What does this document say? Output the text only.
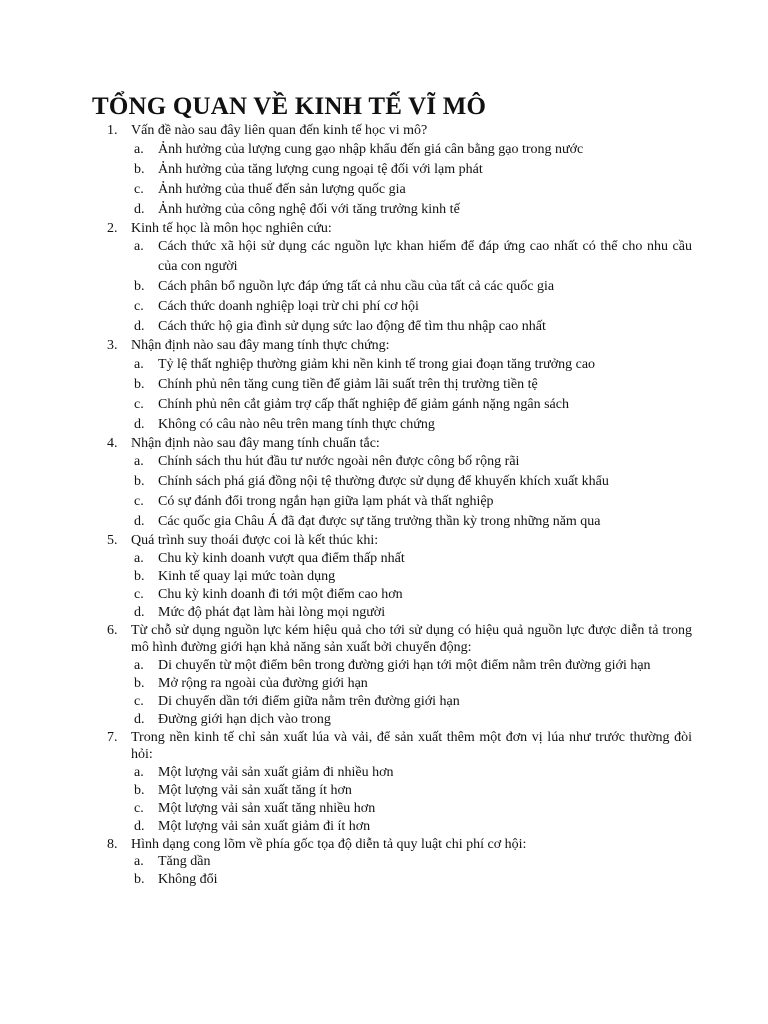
TỔNG QUAN VỀ KINH TẾ VĨ MÔ
1. Vấn đề nào sau đây liên quan đến kinh tế học vi mô?
a.	Ảnh hưởng của lượng cung gạo nhập khẩu đến giá cân bằng gạo trong nước
b. Ảnh hưởng của tăng lượng cung ngoại tệ đối với lạm phát
c.	Ảnh hưởng của thuế đến sản lượng quốc gia
d. Ảnh hưởng của công nghệ đối với tăng trưởng kinh tế
2. Kinh tế học là môn học nghiên cứu:
a.	Cách thức xã hội sử dụng các nguồn lực khan hiếm để đáp ứng cao nhất có thể cho nhu cầu của con người
b. Cách phân bổ nguồn lực đáp ứng tất cả nhu cầu của tất cả các quốc gia
c.	Cách thức doanh nghiệp loại trừ chi phí cơ hội
d. Cách thức hộ gia đình sử dụng sức lao động để tìm thu nhập cao nhất
3. Nhận định nào sau đây mang tính thực chứng:
a.	Tỷ lệ thất nghiệp thường giảm khi nền kinh tế trong giai đoạn tăng trưởng cao
b. Chính phủ nên tăng cung tiền để giảm lãi suất trên thị trường tiền tệ
c.	Chính phủ nên cắt giảm trợ cấp thất nghiệp để giảm gánh nặng ngân sách
d. Không có câu nào nêu trên mang tính thực chứng
4. Nhận định nào sau đây mang tính chuẩn tắc:
a.	Chính sách thu hút đầu tư nước ngoài nên được công bố rộng rãi
b. Chính sách phá giá đồng nội tệ thường được sử dụng để khuyến khích xuất khẩu
c.	Có sự đánh đổi trong ngắn hạn giữa lạm phát và thất nghiệp
d. Các quốc gia Châu Á đã đạt được sự tăng trưởng thần kỳ trong những năm qua
5. Quá trình suy thoái được coi là kết thúc khi:
a.	Chu kỳ kinh doanh vượt qua điểm thấp nhất
b. Kinh tế quay lại mức toàn dụng
c.	Chu kỳ kinh doanh đi tới một điểm cao hơn
d. Mức độ phát đạt làm hài lòng mọi người
6. Từ chỗ sử dụng nguồn lực kém hiệu quả cho tới sử dụng có hiệu quả nguồn lực được diễn tả trong mô hình đường giới hạn khả năng sản xuất bởi chuyển động:
a.	Di chuyển từ một điểm bên trong đường giới hạn tới một điểm nằm trên đường giới hạn
b. Mở rộng ra ngoài của đường giới hạn
c.	Di chuyển dần tới điểm giữa nằm trên đường giới hạn
d. Đường giới hạn dịch vào trong
7. Trong nền kinh tế chỉ sản xuất lúa và vải, để sản xuất thêm một đơn vị lúa như trước thường đòi hỏi:
a.	Một lượng vải sản xuất giảm đi nhiều hơn
b. Một lượng vải sản xuất tăng ít hơn
c.	Một lượng vải sản xuất tăng nhiều hơn
d. Một lượng vải sản xuất giảm đi ít hơn
8. Hình dạng cong lõm về phía gốc tọa độ diễn tả quy luật chi phí cơ hội:
a.	Tăng dần
b. Không đổi
